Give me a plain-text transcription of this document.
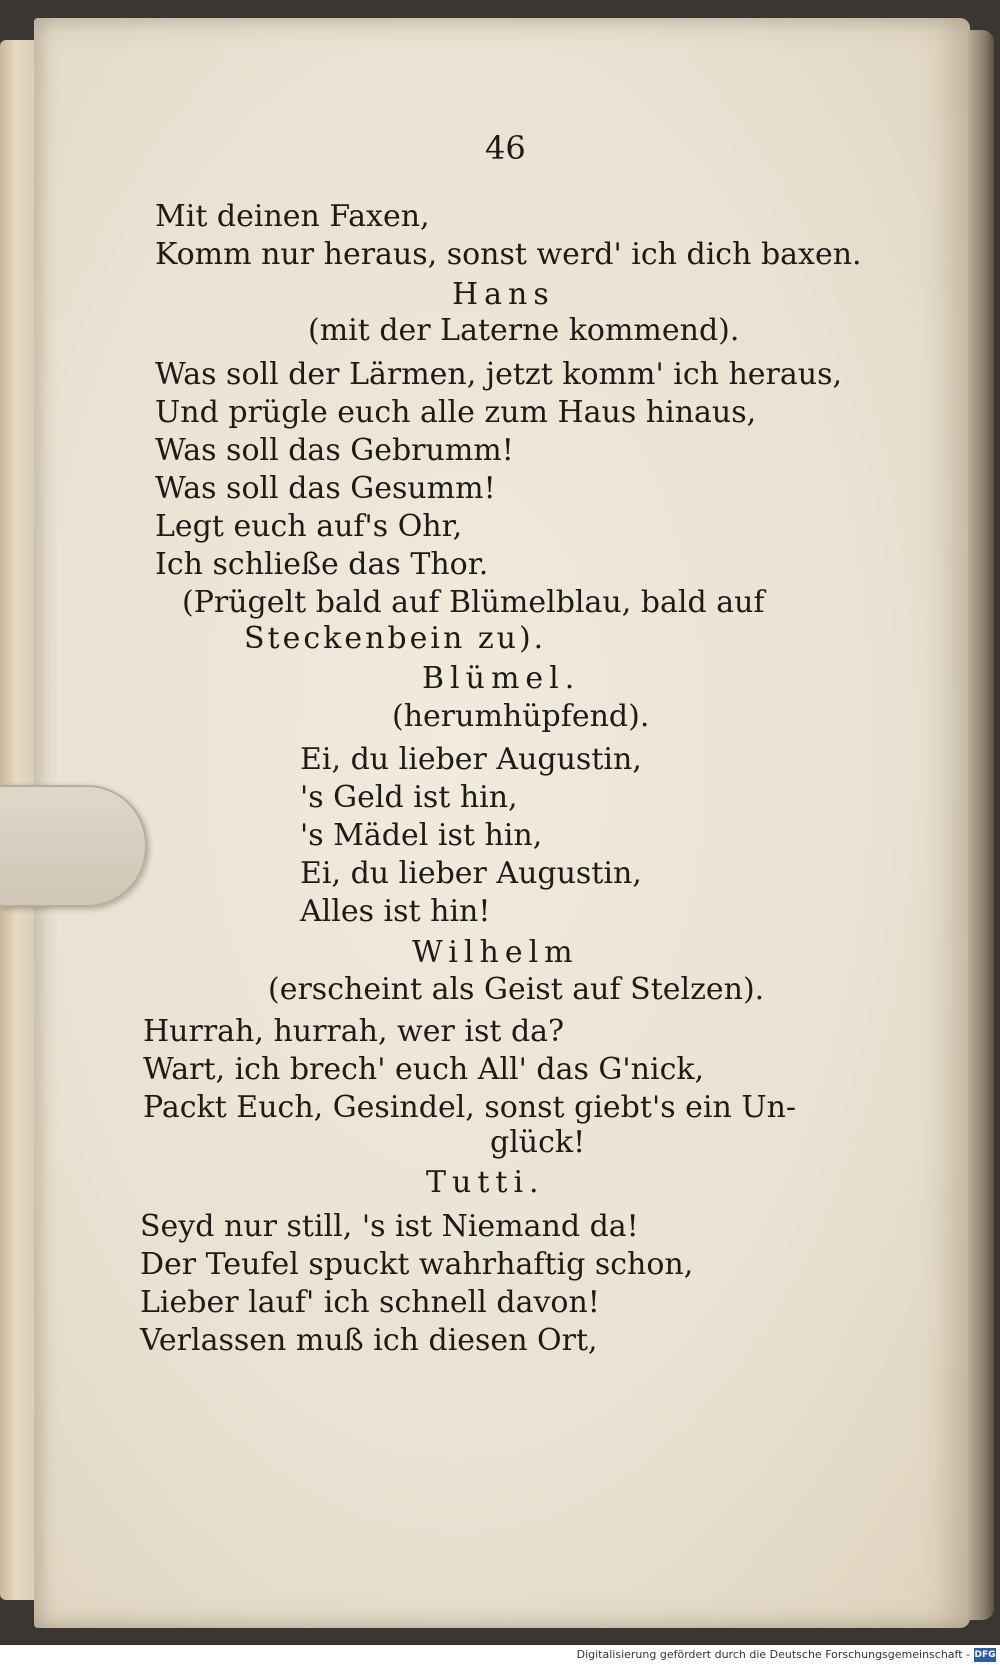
46
Mit deinen Faxen,
Komm nur heraus, sonst werd' ich dich baxen.
Hans
(mit der Laterne kommend).
Was soll der Lärmen, jetzt komm' ich heraus,
Und prügle euch alle zum Haus hinaus,
Was soll das Gebrumm!
Was soll das Gesumm!
Legt euch auf's Ohr,
Ich schließe das Thor.
(Prügelt bald auf Blümelblau, bald auf
Steckenbein zu).
Blümel.
(herumhüpfend).
Ei, du lieber Augustin,
's Geld ist hin,
's Mädel ist hin,
Ei, du lieber Augustin,
Alles ist hin!
Wilhelm
(erscheint als Geist auf Stelzen).
Hurrah, hurrah, wer ist da?
Wart, ich brech' euch All' das G'nick,
Packt Euch, Gesindel, sonst giebt's ein Un-
glück!
Tutti.
Seyd nur still, 's ist Niemand da!
Der Teufel spuckt wahrhaftig schon,
Lieber lauf' ich schnell davon!
Verlassen muß ich diesen Ort,
Digitalisierung gefördert durch die Deutsche Forschungsgemeinschaft - DFG
